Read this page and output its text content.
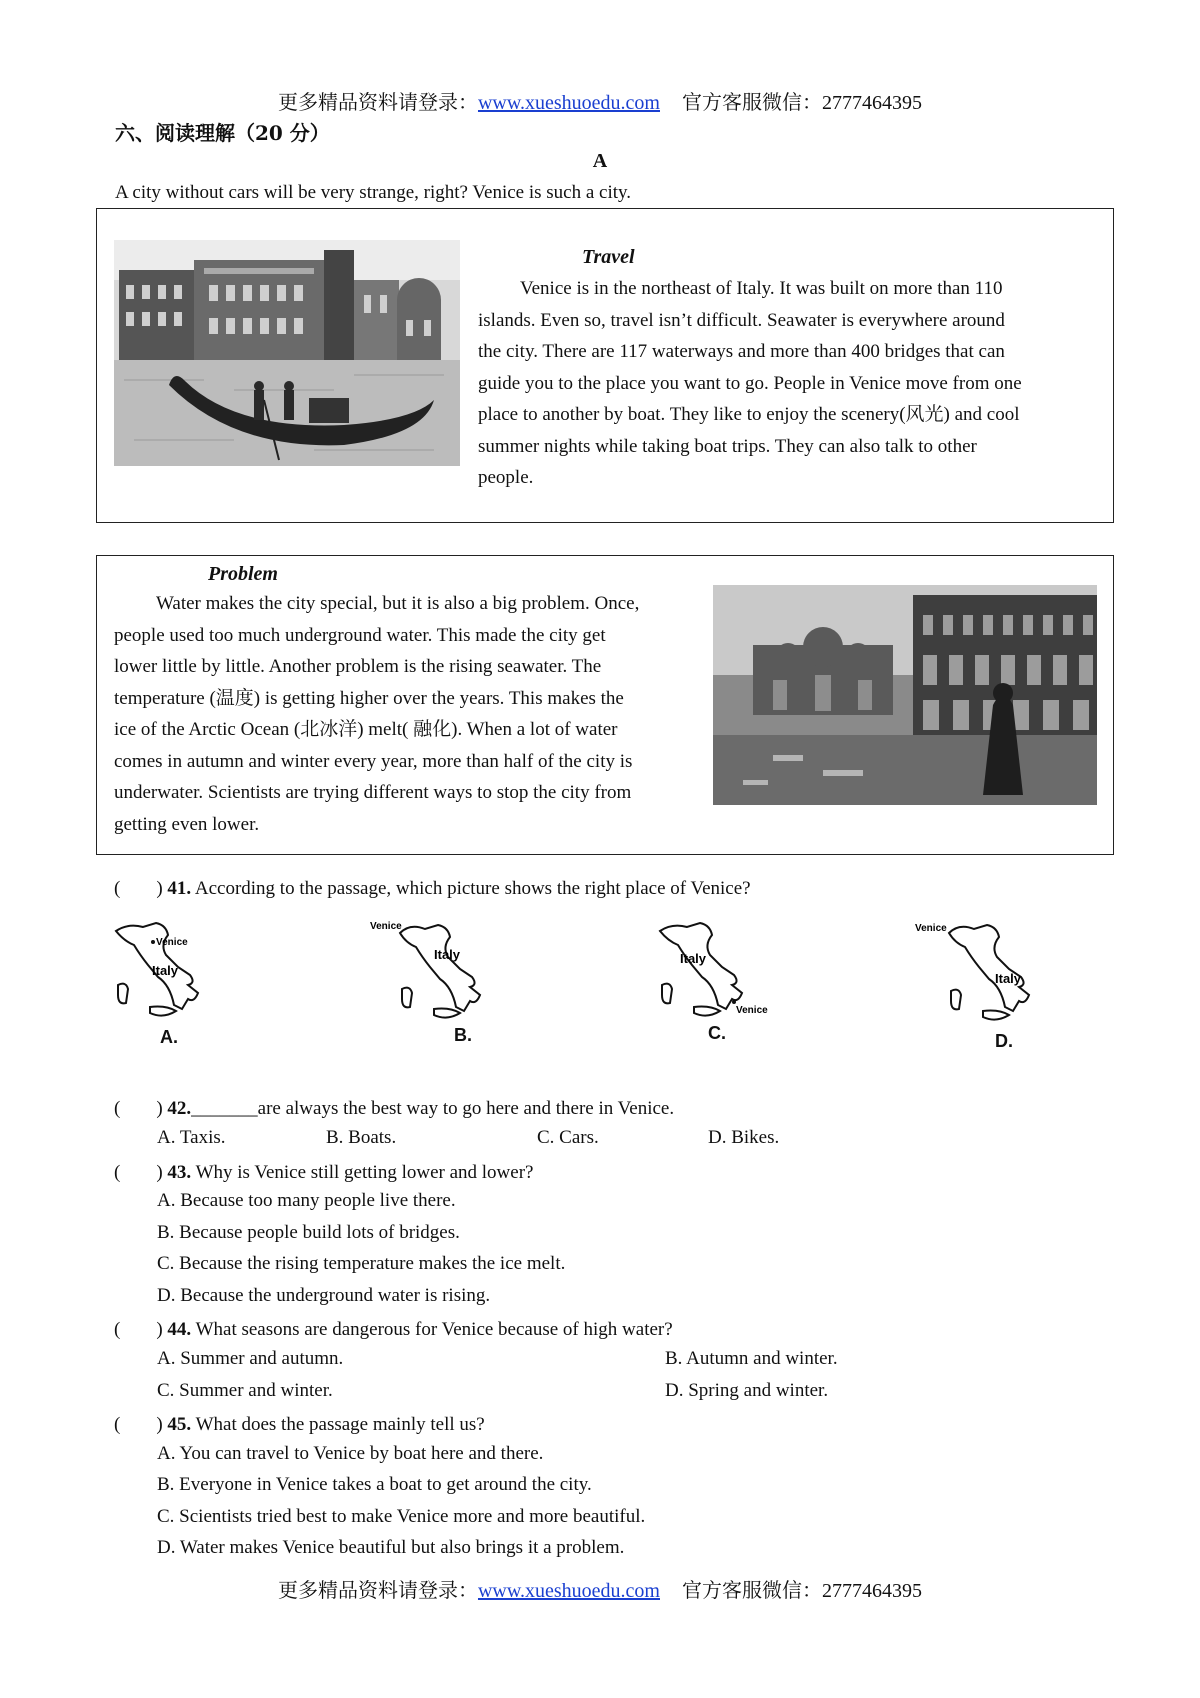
更多精品资料请登录：www.xueshuoedu.com 官方客服微信：2777464395
六、阅读理解（20 分）
A
A city without cars will be very strange, right? Venice is such a city.
Travel
Venice is in the northeast of Italy. It was built on more than 110
islands. Even so, travel isn’t difficult. Seawater is everywhere around
the city. There are 117 waterways and more than 400 bridges that can
guide you to the place you want to go. People in Venice move from one
place to another by boat. They like to enjoy the scenery(风光) and cool
summer nights while taking boat trips. They can also talk to other
people.
Problem
Water makes the city special, but it is also a big problem. Once,
people used too much underground water. This made the city get
lower little by little. Another problem is the rising seawater. The
temperature (温度) is getting higher over the years. This makes the
ice of the Arctic Ocean (北冰洋) melt( 融化). When a lot of water
comes in autumn and winter every year, more than half of the city is
underwater. Scientists are trying different ways to stop the city from
getting even lower.
( ) 41. According to the passage, which picture shows the right place of Venice?
Venice
Italy
A.
Venice
Italy
B.
Venice
Italy
C.
Venice
Italy
D.
( ) 42._______are always the best way to go here and there in Venice.
A. Taxis.	B. Boats.	C. Cars.	D. Bikes.
( ) 43. Why is Venice still getting lower and lower?
A. Because too many people live there.
B. Because people build lots of bridges.
C. Because the rising temperature makes the ice melt.
D. Because the underground water is rising.
( ) 44. What seasons are dangerous for Venice because of high water?
A. Summer and autumn.	B. Autumn and winter.
C. Summer and winter.	D. Spring and winter.
( ) 45. What does the passage mainly tell us?
A. You can travel to Venice by boat here and there.
B. Everyone in Venice takes a boat to get around the city.
C. Scientists tried best to make Venice more and more beautiful.
D. Water makes Venice beautiful but also brings it a problem.
更多精品资料请登录：www.xueshuoedu.com 官方客服微信：2777464395
